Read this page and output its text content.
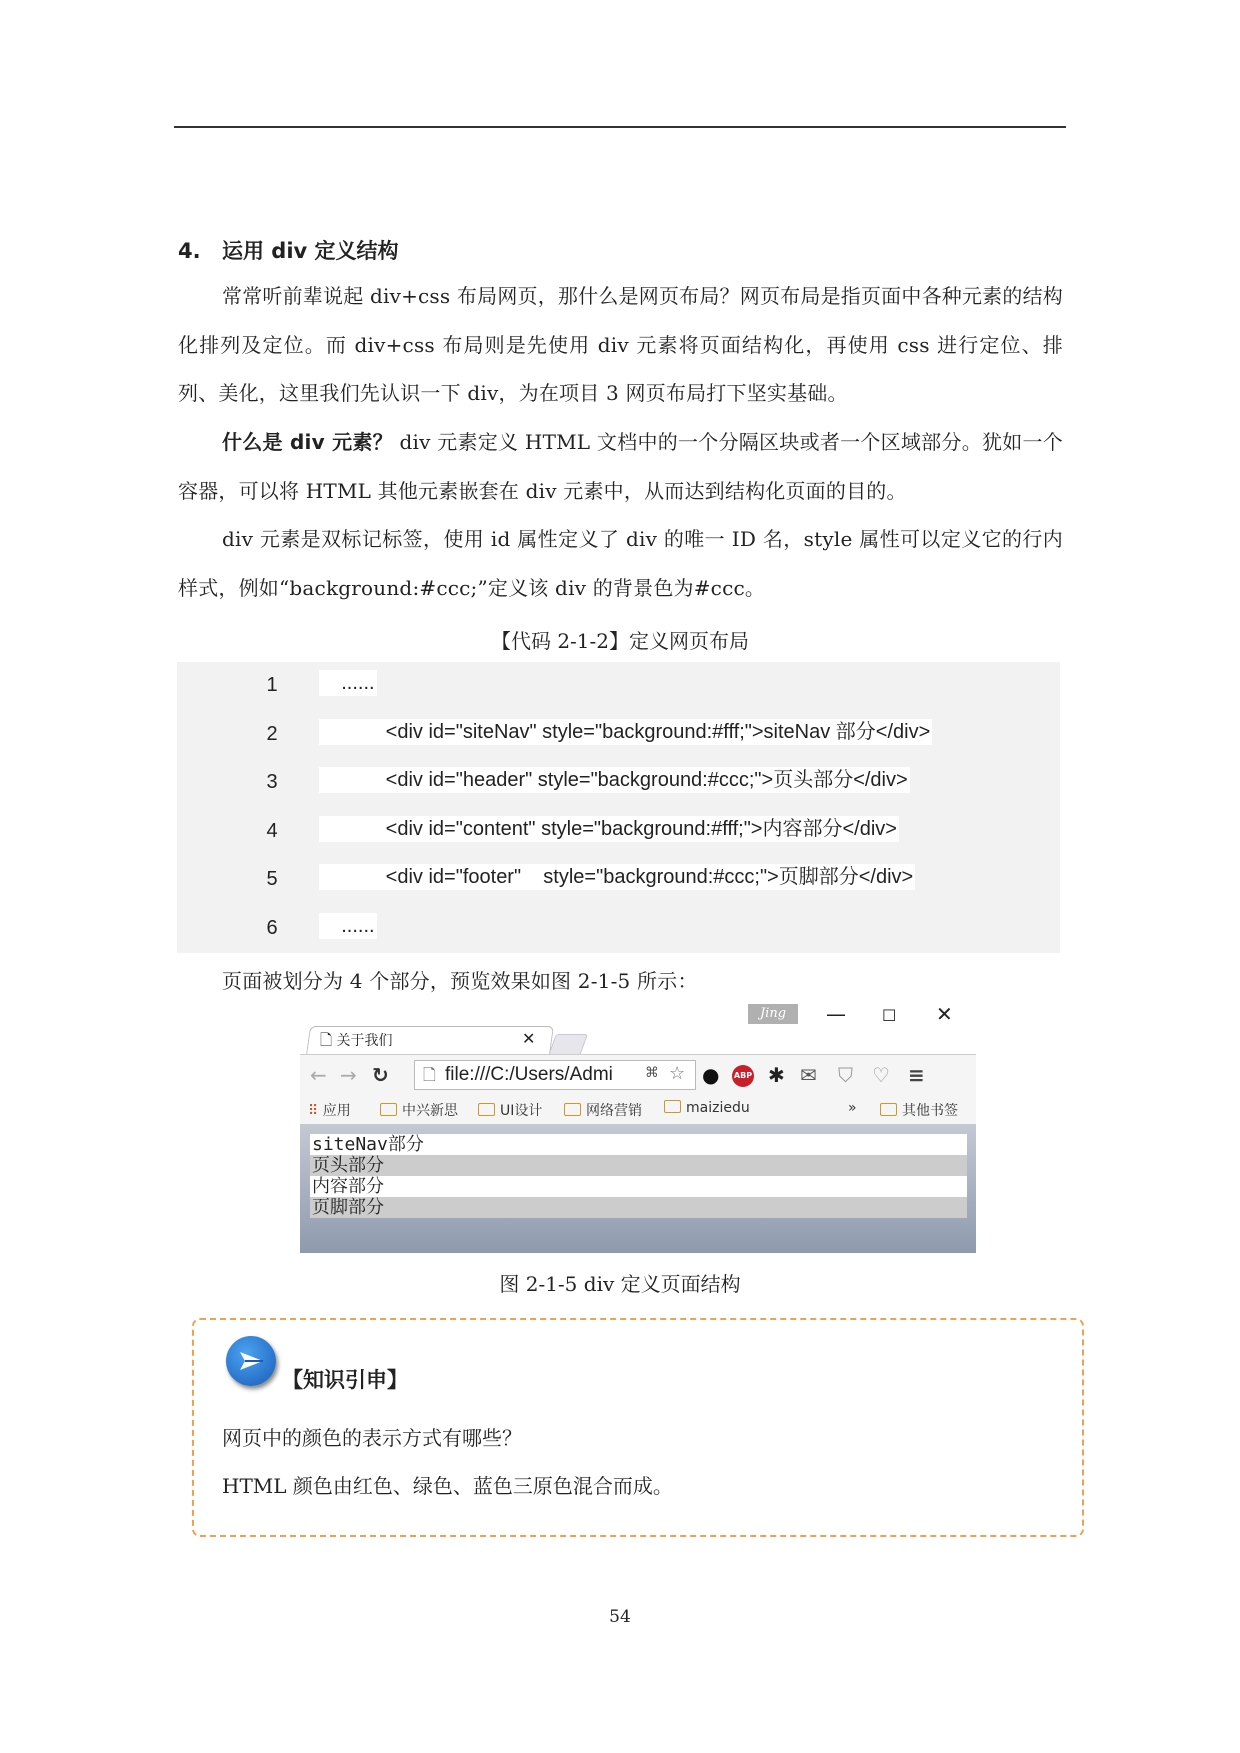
4. 运用 div 定义结构

常常听前辈说起 div+css 布局网页，那什么是网页布局？网页布局是指页面中各种元素的结构化排列及定位。而 div+css 布局则是先使用 div 元素将页面结构化，再使用 css 进行定位、排列、美化，这里我们先认识一下 div，为在项目 3 网页布局打下坚实基础。

什么是 div 元素？ div 元素定义 HTML 文档中的一个分隔区块或者一个区域部分。犹如一个容器，可以将 HTML 其他元素嵌套在 div 元素中，从而达到结构化页面的目的。

div 元素是双标记标签，使用 id 属性定义了 div 的唯一 ID 名，style 属性可以定义它的行内样式，例如“background:#ccc;”定义该 div 的背景色为#ccc。

【代码 2-1-2】定义网页布局
1	......
2	<div id="siteNav" style="background:#fff;">siteNav 部分</div>
3	<div id="header" style="background:#ccc;">页头部分</div>
4	<div id="content" style="background:#fff;">内容部分</div>
5	<div id="footer"    style="background:#ccc;">页脚部分</div>
6	......

页面被划分为 4 个部分，预览效果如图 2-1-5 所示：

🗋 关于我们	✕
Jing	— ☐ ✕
← → ↻ 🗋 file:///C:/Users/Admi ⌘ ☆ ● ABP ✱ ✉ ⛉ ♡ ≡
⠿ 应用	中兴新思	UI设计	网络营销	maiziedu	»	其他书签
siteNav部分
页头部分
内容部分
页脚部分
图 2-1-5 div 定义页面结构
【知识引申】
网页中的颜色的表示方式有哪些？
HTML 颜色由红色、绿色、蓝色三原色混合而成。
54
